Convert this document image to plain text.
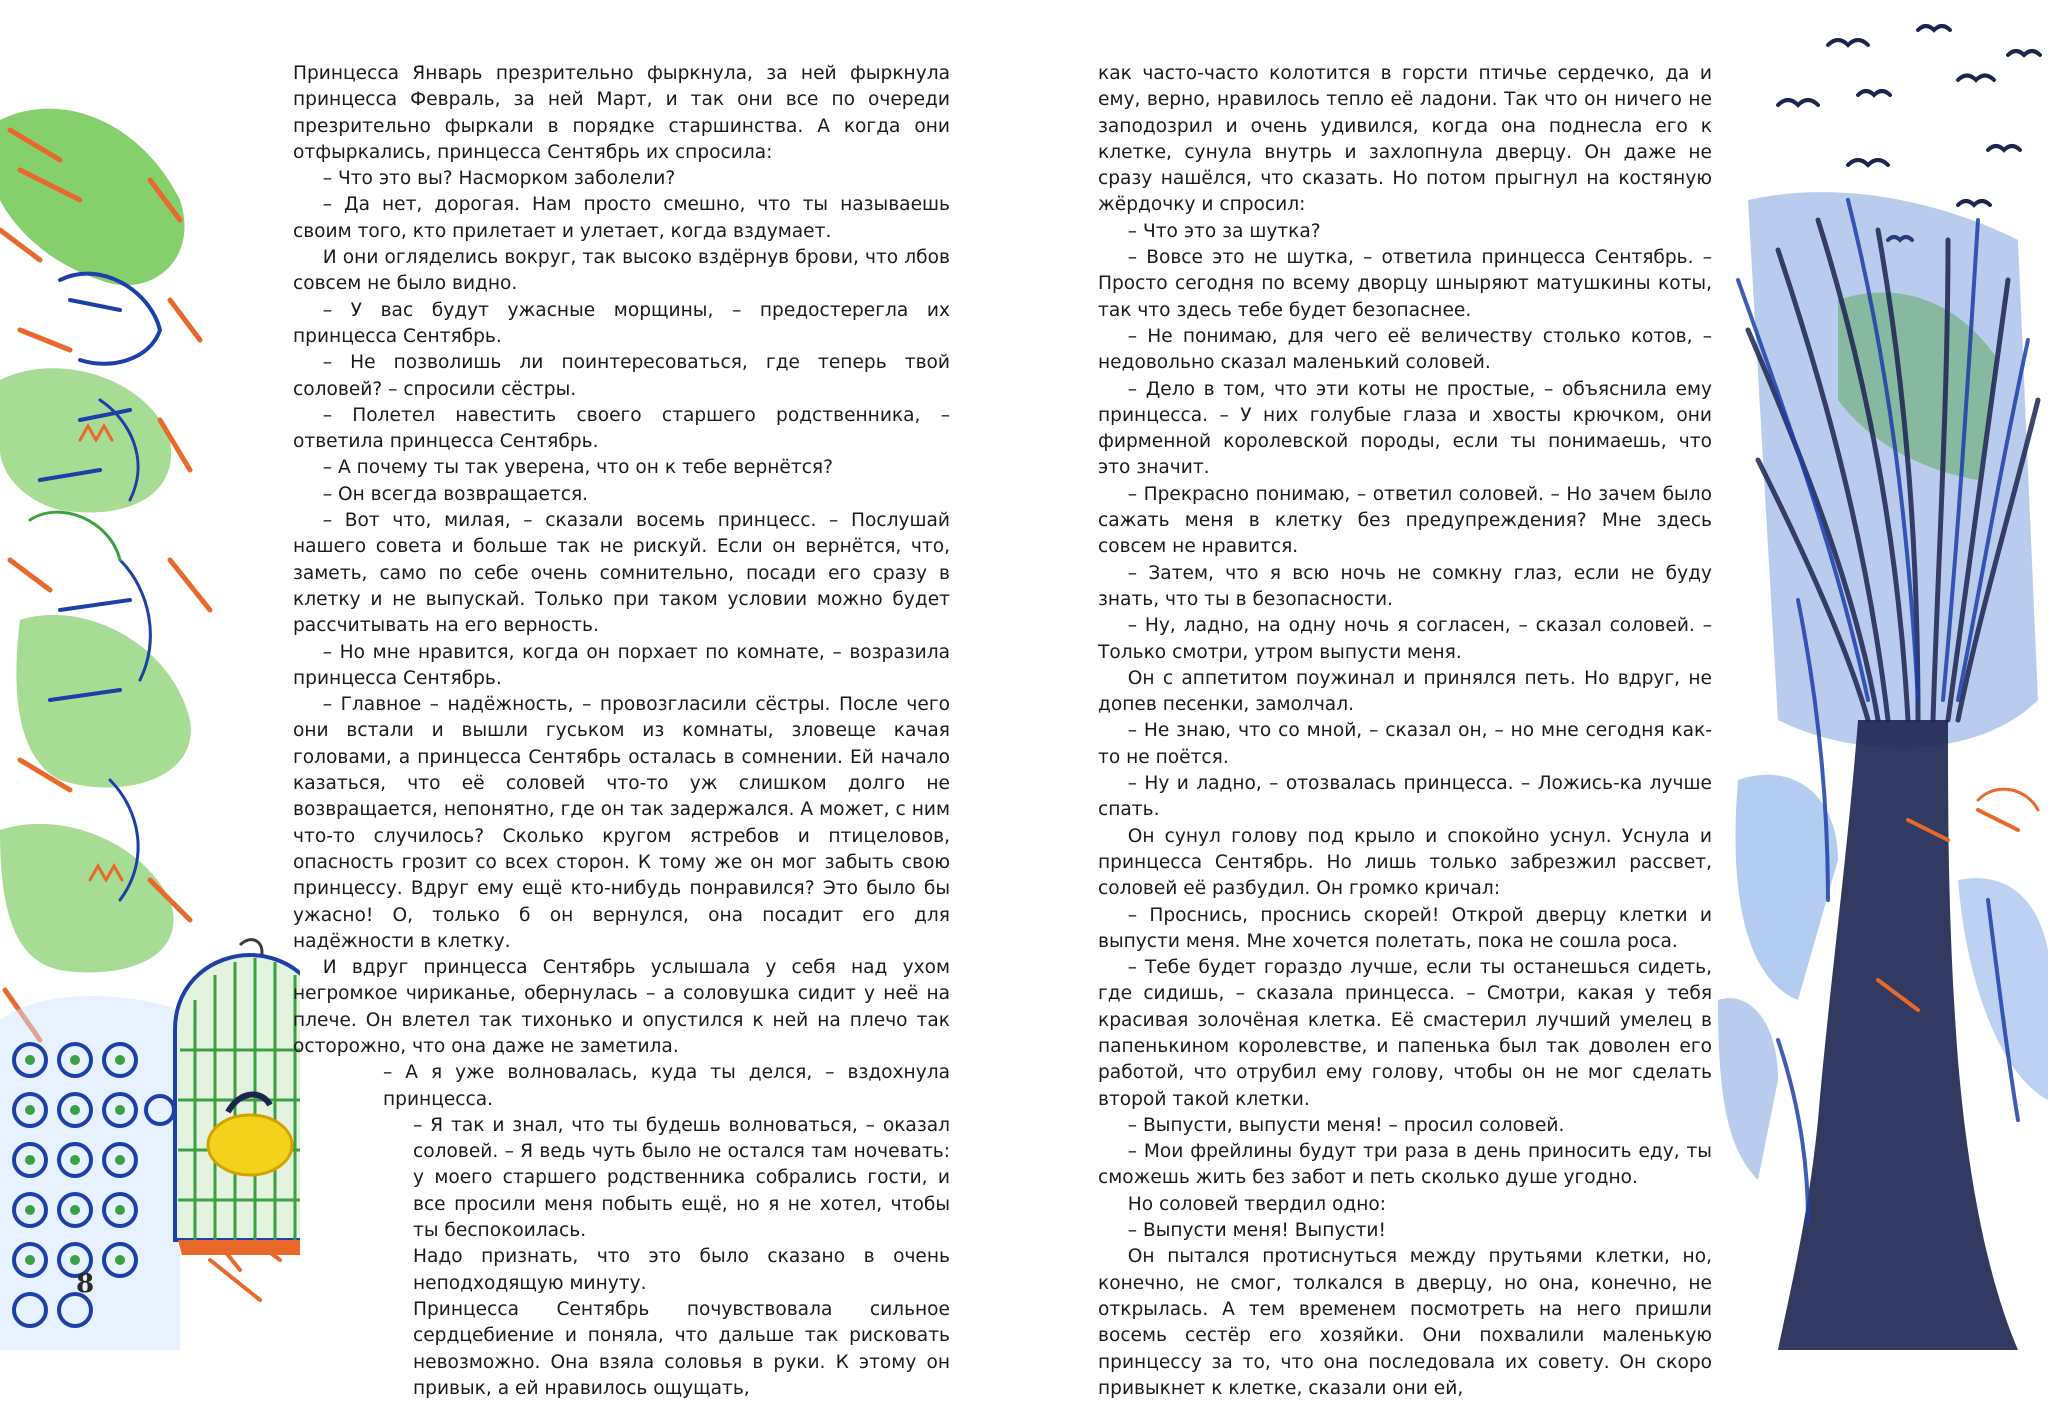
8

Принцесса Январь презрительно фыркнула, за ней фыркнула принцесса Февраль, за ней Март, и так они все по очереди презрительно фыркали в порядке старшинства. А когда они отфыркались, принцесса Сентябрь их спросила:

– Что это вы? Насморком заболели?

– Да нет, дорогая. Нам просто смешно, что ты называешь своим того, кто прилетает и улетает, когда вздумает.

И они огляделись вокруг, так высоко вздёрнув брови, что лбов совсем не было видно.

– У вас будут ужасные морщины, – предостерегла их принцесса Сентябрь.

– Не позволишь ли поинтересоваться, где теперь твой соловей? – спросили сёстры.

– Полетел навестить своего старшего родственника, – ответила принцесса Сентябрь.

– А почему ты так уверена, что он к тебе вернётся?

– Он всегда возвращается.

– Вот что, милая, – сказали восемь принцесс. – Послушай нашего совета и больше так не рискуй. Если он вернётся, что, заметь, само по себе очень сомнительно, посади его сразу в клетку и не выпускай. Только при таком условии можно будет рассчитывать на его верность.

– Но мне нравится, когда он порхает по комнате, – возразила принцесса Сентябрь.

– Главное – надёжность, – провозгласили сёстры. После чего они встали и вышли гуськом из комнаты, зловеще качая головами, а принцесса Сентябрь осталась в сомнении. Ей начало казаться, что её соловей что-то уж слишком долго не возвращается, непонятно, где он так задержался. А может, с ним что-то случилось? Сколько кругом ястребов и птицеловов, опасность грозит со всех сторон. К тому же он мог забыть свою принцессу. Вдруг ему ещё кто-нибудь понравился? Это было бы ужасно! О, только б он вернулся, она посадит его для надёжности в клетку.

И вдруг принцесса Сентябрь услышала у себя над ухом негромкое чириканье, обернулась – а соловушка сидит у неё на плече. Он влетел так тихонько и опустился к ней на плечо так осторожно, что она даже не заметила.

– А я уже волновалась, куда ты делся, – вздохнула принцесса.

– Я так и знал, что ты будешь волноваться, – оказал соловей. – Я ведь чуть было не остался там ночевать: у моего старшего родственника собрались гости, и все просили меня побыть ещё, но я не хотел, чтобы ты беспокоилась.

Надо признать, что это было сказано в очень неподходящую минуту.

Принцесса Сентябрь почувствовала сильное сердцебиение и поняла, что дальше так рисковать невозможно. Она взяла соловья в руки. К этому он привык, а ей нравилось ощущать,

как часто-часто колотится в горсти птичье сердечко, да и ему, верно, нравилось тепло её ладони. Так что он ничего не заподозрил и очень удивился, когда она поднесла его к клетке, сунула внутрь и захлопнула дверцу. Он даже не сразу нашёлся, что сказать. Но потом прыгнул на костяную жёрдочку и спросил:

– Что это за шутка?

– Вовсе это не шутка, – ответила принцесса Сентябрь. – Просто сегодня по всему дворцу шныряют матушкины коты, так что здесь тебе будет безопаснее.

– Не понимаю, для чего её величеству столько котов, – недовольно сказал маленький соловей.

– Дело в том, что эти коты не простые, – объяснила ему принцесса. – У них голубые глаза и хвосты крючком, они фирменной королевской породы, если ты понимаешь, что это значит.

– Прекрасно понимаю, – ответил соловей. – Но зачем было сажать меня в клетку без предупреждения? Мне здесь совсем не нравится.

– Затем, что я всю ночь не сомкну глаз, если не буду знать, что ты в безопасности.

– Ну, ладно, на одну ночь я согласен, – сказал соловей. – Только смотри, утром выпусти меня.

Он с аппетитом поужинал и принялся петь. Но вдруг, не допев песенки, замолчал.

– Не знаю, что со мной, – сказал он, – но мне сегодня как-то не поётся.

– Ну и ладно, – отозвалась принцесса. – Ложись-ка лучше спать.

Он сунул голову под крыло и спокойно уснул. Уснула и принцесса Сентябрь. Но лишь только забрезжил рассвет, соловей её разбудил. Он громко кричал:

– Проснись, проснись скорей! Открой дверцу клетки и выпусти меня. Мне хочется полетать, пока не сошла роса.

– Тебе будет гораздо лучше, если ты останешься сидеть, где сидишь, – сказала принцесса. – Смотри, какая у тебя красивая золочёная клетка. Её смастерил лучший умелец в папенькином королевстве, и папенька был так доволен его работой, что отрубил ему голову, чтобы он не мог сделать второй такой клетки.

– Выпусти, выпусти меня! – просил соловей.

– Мои фрейлины будут три раза в день приносить еду, ты сможешь жить без забот и петь сколько душе угодно.

Но соловей твердил одно:

– Выпусти меня! Выпусти!

Он пытался протиснуться между прутьями клетки, но, конечно, не смог, толкался в дверцу, но она, конечно, не открылась. А тем временем посмотреть на него пришли восемь сестёр его хозяйки. Они похвалили маленькую принцессу за то, что она последовала их совету. Он скоро привыкнет к клетке, сказали они ей,
